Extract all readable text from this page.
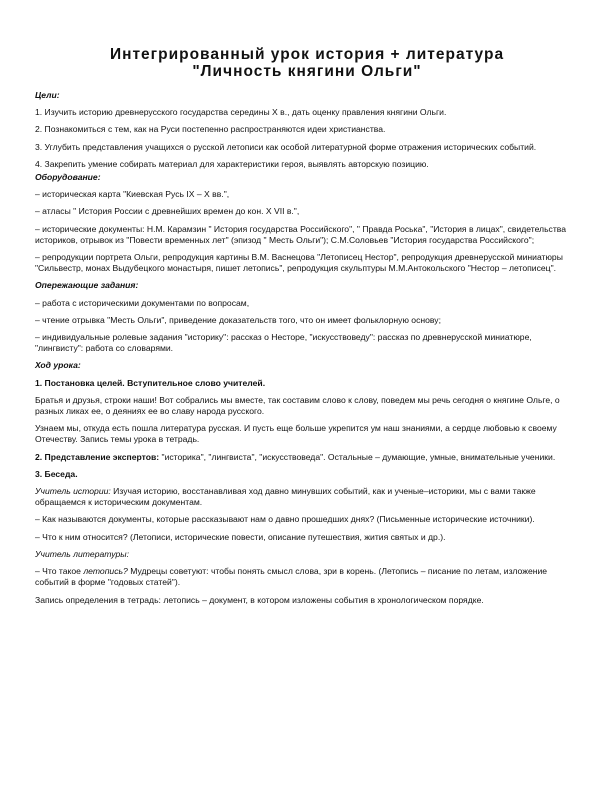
Интегрированный урок история + литература
"Личность княгини Ольги"

Цели:

1. Изучить историю древнерусского государства середины X в., дать оценку правления княгини Ольги.

2. Познакомиться с тем, как на Руси постепенно распространяются идеи христианства.

3. Углубить представления учащихся о русской летописи как особой литературной форме отражения исторических событий.

4. Закрепить умение собирать материал для характеристики героя, выявлять авторскую позицию.

Оборудование:

– историческая карта "Киевская Русь IX – X вв.",

– атласы " История России с древнейших времен до кон. X VII в.",

– исторические документы: Н.М. Карамзин " История государства Российского", " Правда Роська", "История в лицах", свидетельства историков, отрывок из "Повести временных лет" (эпизод " Месть Ольги"); С.М.Соловьев "История государства Российского";

– репродукции портрета Ольги, репродукция картины В.М. Васнецова "Летописец Нестор", репродукция древнерусской миниатюры "Сильвестр, монах Выдубецкого монастыря, пишет летопись", репродукция скульптуры М.М.Антокольского "Нестор – летописец".

Опережающие задания:

– работа с историческими документами по вопросам,

– чтение отрывка "Месть Ольги", приведение доказательств того, что он имеет фольклорную основу;

– индивидуальные ролевые задания "историку": рассказ о Несторе, "искусствоведу": рассказ по древнерусской миниатюре, "лингвисту": работа со словарями.

Ход урока:

1. Постановка целей. Вступительное слово учителей.

Братья и друзья, строки наши! Вот собрались мы вместе, так составим слово к слову, поведем мы речь сегодня о княгине Ольге, о разных ликах ее, о деяниях ее во славу народа русского.

Узнаем мы, откуда есть пошла литература русская. И пусть еще больше укрепится ум наш знаниями, а сердце любовью к своему Отечеству. Запись темы урока в тетрадь.

2. Представление экспертов: "историка", "лингвиста", "искусствоведа". Остальные – думающие, умные, внимательные ученики.

3. Беседа.

Учитель истории: Изучая историю, восстанавливая ход давно минувших событий, как и ученые–историки, мы с вами также обращаемся к историческим документам.

– Как называются документы, которые рассказывают нам о давно прошедших днях? (Письменные исторические источники).

– Что к ним относится? (Летописи, исторические повести, описание путешествия, жития святых и др.).

Учитель литературы:

– Что такое летопись? Мудрецы советуют: чтобы понять смысл слова, зри в корень. (Летопись – писание по летам, изложение событий в форме "годовых статей").

Запись определения в тетрадь: летопись – документ, в котором изложены события в хронологическом порядке.
